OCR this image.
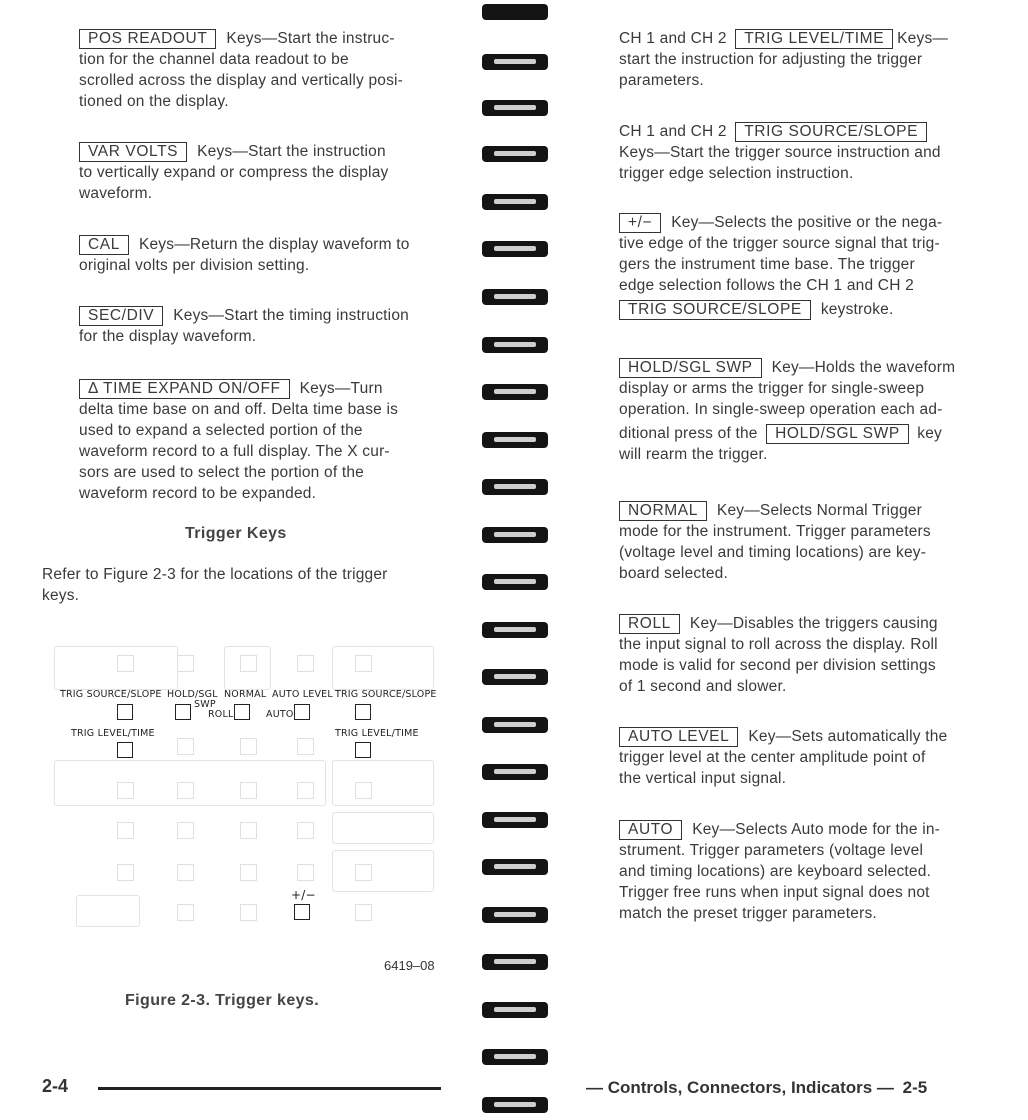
POS READOUT Keys—Start the instruc-
tion for the channel data readout to be
scrolled across the display and vertically posi-
tioned on the display.

VAR VOLTS Keys—Start the instruction
to vertically expand or compress the display
waveform.

CAL Keys—Return the display waveform to
original volts per division setting.

SEC/DIV Keys—Start the timing instruction
for the display waveform.

Δ TIME EXPAND ON/OFF Keys—Turn
delta time base on and off. Delta time base is
used to expand a selected portion of the
waveform record to a full display. The X cur-
sors are used to select the portion of the
waveform record to be expanded.

Trigger Keys

Refer to Figure 2-3 for the locations of the trigger
keys.

TRIG SOURCE/SLOPE HOLD/SGL
SWP
NORMAL
ROLL
AUTO LEVEL
AUTO
TRIG SOURCE/SLOPE
TRIG LEVEL/TIME	TRIG LEVEL/TIME
+/−
6419–08
Figure 2-3. Trigger keys.
2-4

CH 1 and CH 2 TRIG LEVEL/TIME Keys—
start the instruction for adjusting the trigger
parameters.

CH 1 and CH 2 TRIG SOURCE/SLOPE
Keys—Start the trigger source instruction and
trigger edge selection instruction.

+/− Key—Selects the positive or the nega-
tive edge of the trigger source signal that trig-
gers the instrument time base. The trigger
edge selection follows the CH 1 and CH 2
TRIG SOURCE/SLOPE keystroke.

HOLD/SGL SWP Key—Holds the waveform
display or arms the trigger for single-sweep
operation. In single-sweep operation each ad-
ditional press of the HOLD/SGL SWP key
will rearm the trigger.

NORMAL Key—Selects Normal Trigger
mode for the instrument. Trigger parameters
(voltage level and timing locations) are key-
board selected.

ROLL Key—Disables the triggers causing
the input signal to roll across the display. Roll
mode is valid for second per division settings
of 1 second and slower.

AUTO LEVEL Key—Sets automatically the
trigger level at the center amplitude point of
the vertical input signal.

AUTO Key—Selects Auto mode for the in-
strument. Trigger parameters (voltage level
and timing locations) are keyboard selected.
Trigger free runs when input signal does not
match the preset trigger parameters.

— Controls, Connectors, Indicators — 2-5
